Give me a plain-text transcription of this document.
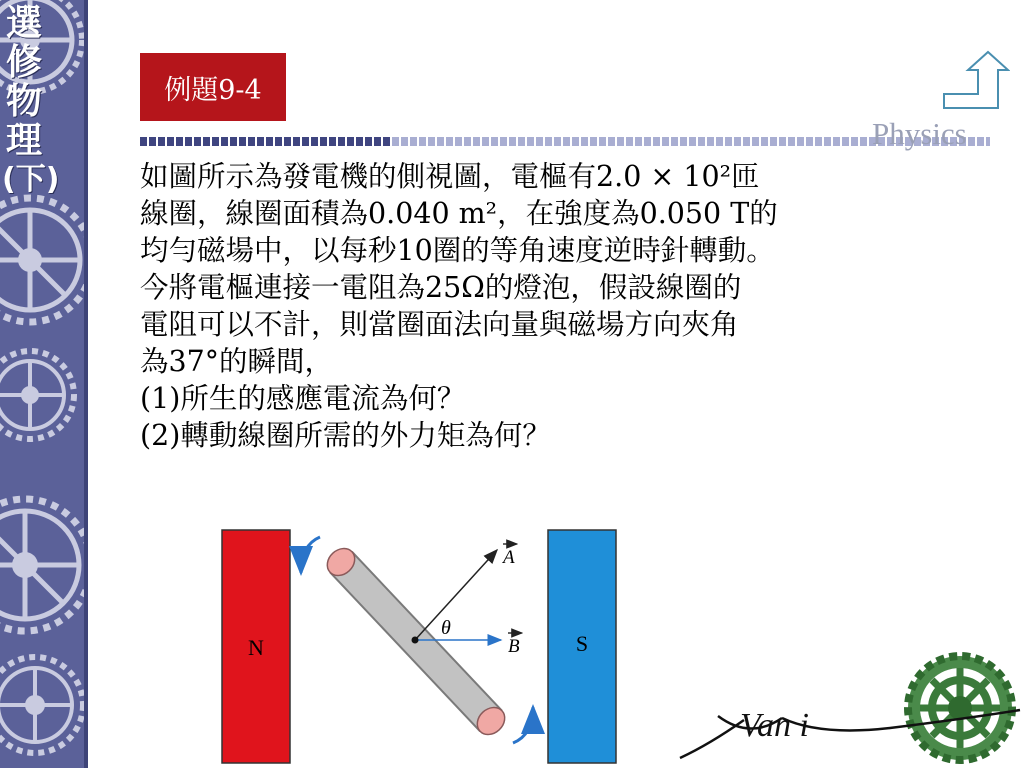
選
修
物
理
(下)
例題9-4
Physics

如圖所示為發電機的側視圖，電樞有2.0 × 10²匝

線圈，線圈面積為0.040 m²，在強度為0.050 T的

均勻磁場中，以每秒10圈的等角速度逆時針轉動。

今將電樞連接一電阻為25Ω的燈泡，假設線圈的

電阻可以不計，則當圈面法向量與磁場方向夾角

為37°的瞬間，

(1)所生的感應電流為何？

(2)轉動線圈所需的外力矩為何？

N	S
A
B
θ
Van i
